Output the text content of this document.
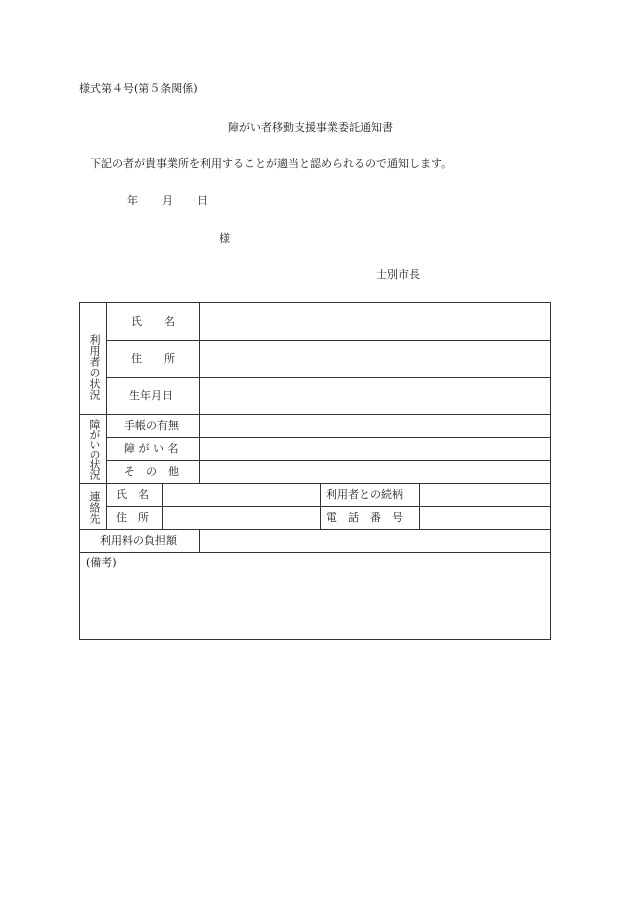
様式第４号(第５条関係)
障がい者移動支援事業委託通知書
下記の者が貴事業所を利用することが適当と認められるので通知します。
年 月 日
様
士別市長
利用者の状況
障がいの状況
連絡先
氏　　名
住　　所
生年月日
手帳の有無
障 が い 名
そ　の　他
氏　名
住　所
利用者との続柄
電　話　番　号
利用料の負担額
(備考)
